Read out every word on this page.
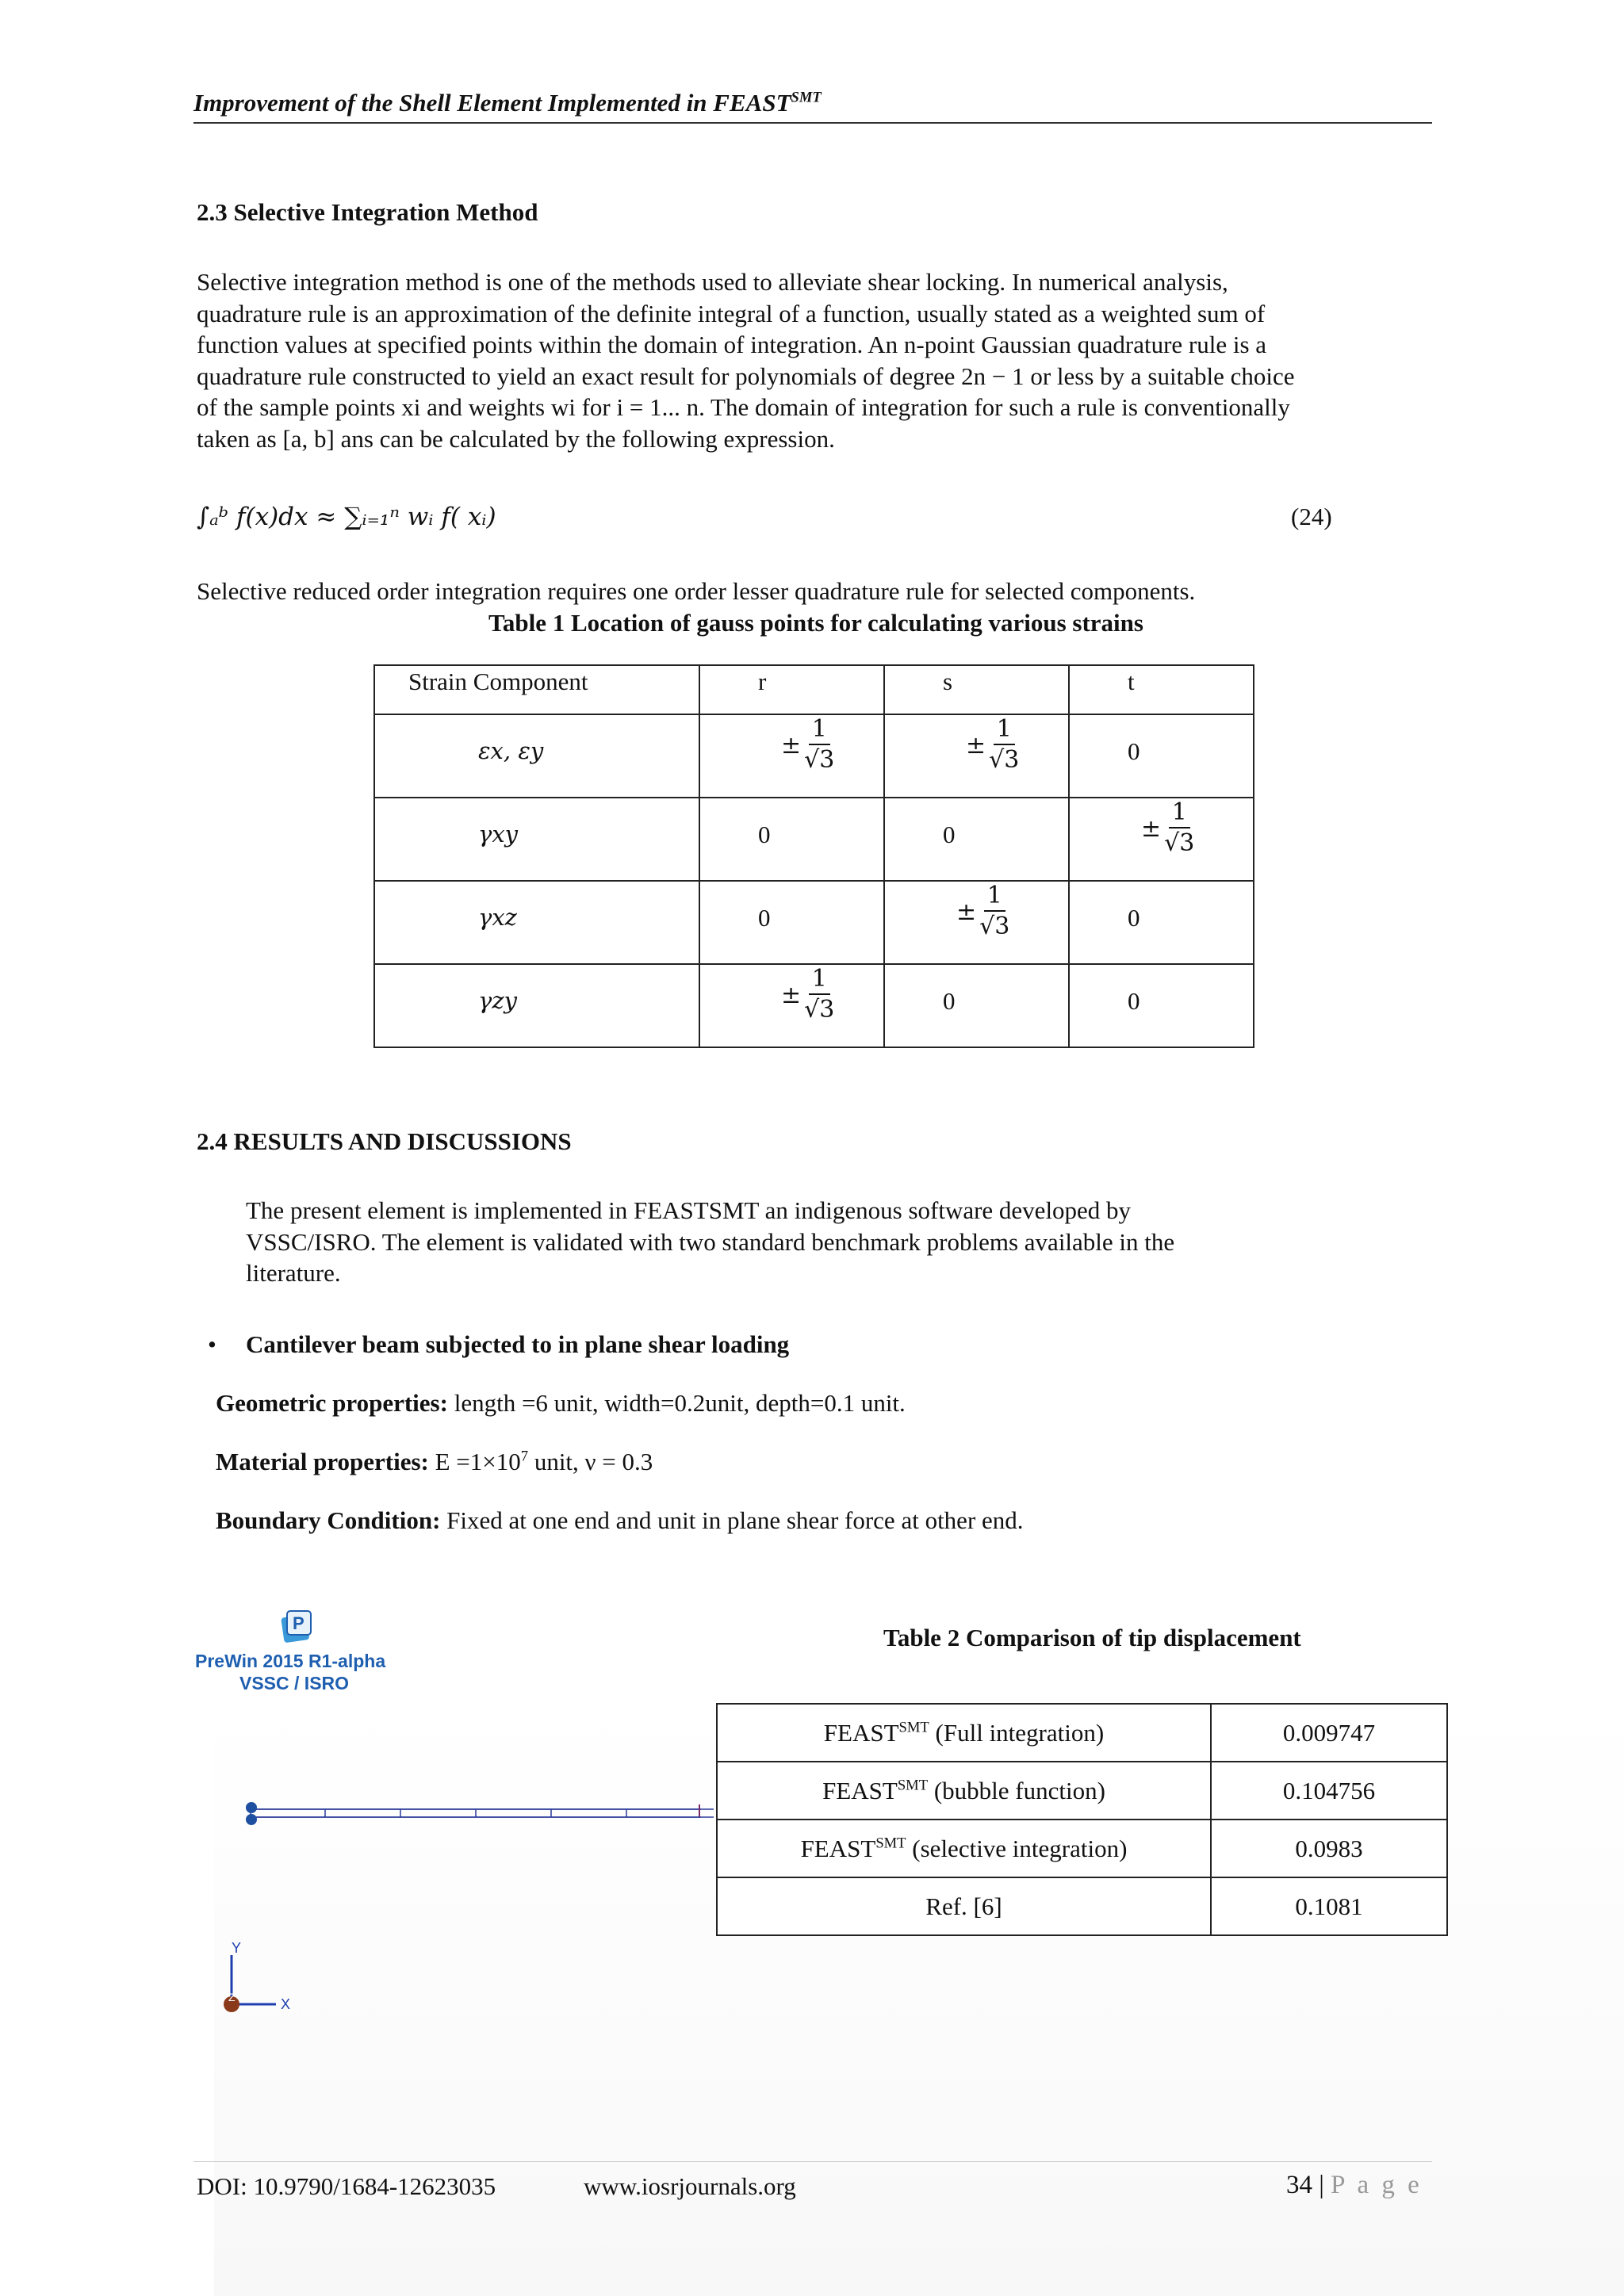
Improvement of the Shell Element Implemented in $FEAST^{SMT}$
2.3 Selective Integration Method
Selective integration method is one of the methods used to alleviate shear locking. In numerical analysis,
quadrature rule is an approximation of the definite integral of a function, usually stated as a weighted sum of
function values at specified points within the domain of integration. An n-point Gaussian quadrature rule is a
quadrature rule constructed to yield an exact result for polynomials of degree 2n − 1 or less by a suitable choice
of the sample points xi and weights wi for i = 1... n. The domain of integration for such a rule is conventionally
taken as [a, b] ans can be calculated by the following expression.
∫ₐᵇ f(x)dx ≈ ∑ᵢ₌₁ⁿ wᵢ f( xᵢ)	(24)
Selective reduced order integration requires one order lesser quadrature rule for selected components.
Table 1 Location of gauss points for calculating various strains
Strain Component	r	s	t

εx, εy	± $\frac{1}{√3}$	± $\frac{1}{√3}$	0

γxy	0	0	± $\frac{1}{√3}$

γxz	0	± $\frac{1}{√3}$	0

γzy	± $\frac{1}{√3}$	0	0
2.4 RESULTS AND DISCUSSIONS
The present element is implemented in FEASTSMT an indigenous software developed by
VSSC/ISRO. The element is validated with two standard benchmark problems available in the
literature.
• Cantilever beam subjected to in plane shear loading
Geometric properties: length =6 unit, width=0.2unit, depth=0.1 unit.
Material properties: $E =1\times 10^7$ unit, ν = 0.3
Boundary Condition: Fixed at one end and unit in plane shear force at other end.
P
PreWin 2015 R1-alpha
VSSC / ISRO
Y
X
Z
Table 2 Comparison of tip displacement
$FEAST^{SMT}$ (Full integration)	0.009747
$FEAST^{SMT}$ (bubble function)	0.104756
$FEAST^{SMT}$ (selective integration)	0.0983
Ref. [6]	0.1081
DOI: 10.9790/1684-12623035	www.iosrjournals.org	34 | P a g e
